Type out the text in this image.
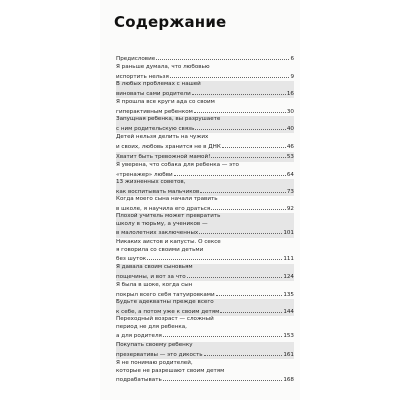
Содержание
Предисловие	6
Я раньше думала, что любовью
испортить нельзя	9
В любых проблемах с нашей
виноваты сами родители	16
Я прошла все круги ада со своим
гиперактивным ребенком	30
Запущная ребенка, вы разрушаете
с ним родительскую связь	40
Детей нельзя делить на чужих
и своих, любовь хранится не в ДНК	46
Хватит быть тревожной мамой!	53
Я уверена, что собака для ребенка — это
«тренажер» любви	64
13 жизненных советов,
как воспитывать мальчиков	73
Когда моего сына начали травить
в школе, я научила его драться	92
Плохой учитель может превратить
школу в тюрьму, а учеников —
в малолетних заключенных	101
Никаких аистов и капусты. О сексе
я говорила со своими детьми
без шуток	111
Я давала своим сыновьям
пощечины, и вот за что	124
Я была в шоке, когда сын
покрыл всего себя татуировками	135
Будьте адекватны прежде всего
к себе, а потом уже к своим детям	144
Переходный возраст — сложный
период не для ребенка,
а для родителя	153
Покупать своему ребенку
презервативы — это дикость	161
Я не понимаю родителей,
которые не разрешают своим детям
подрабатывать	168
